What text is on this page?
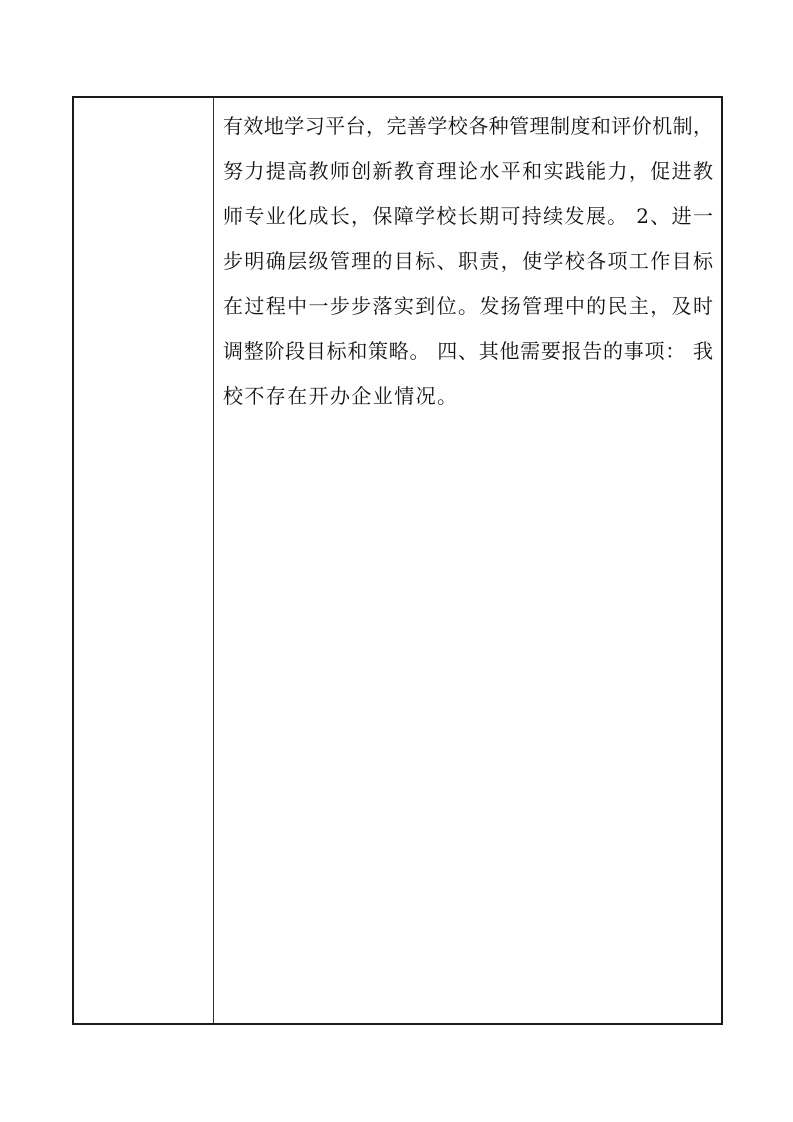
有效地学习平台，完善学校各种管理制度和评价机制，
努力提高教师创新教育理论水平和实践能力，促进教
师专业化成长，保障学校长期可持续发展。 2、进一
步明确层级管理的目标、职责，使学校各项工作目标
在过程中一步步落实到位。发扬管理中的民主，及时
调整阶段目标和策略。 四、其他需要报告的事项： 我
校不存在开办企业情况。
